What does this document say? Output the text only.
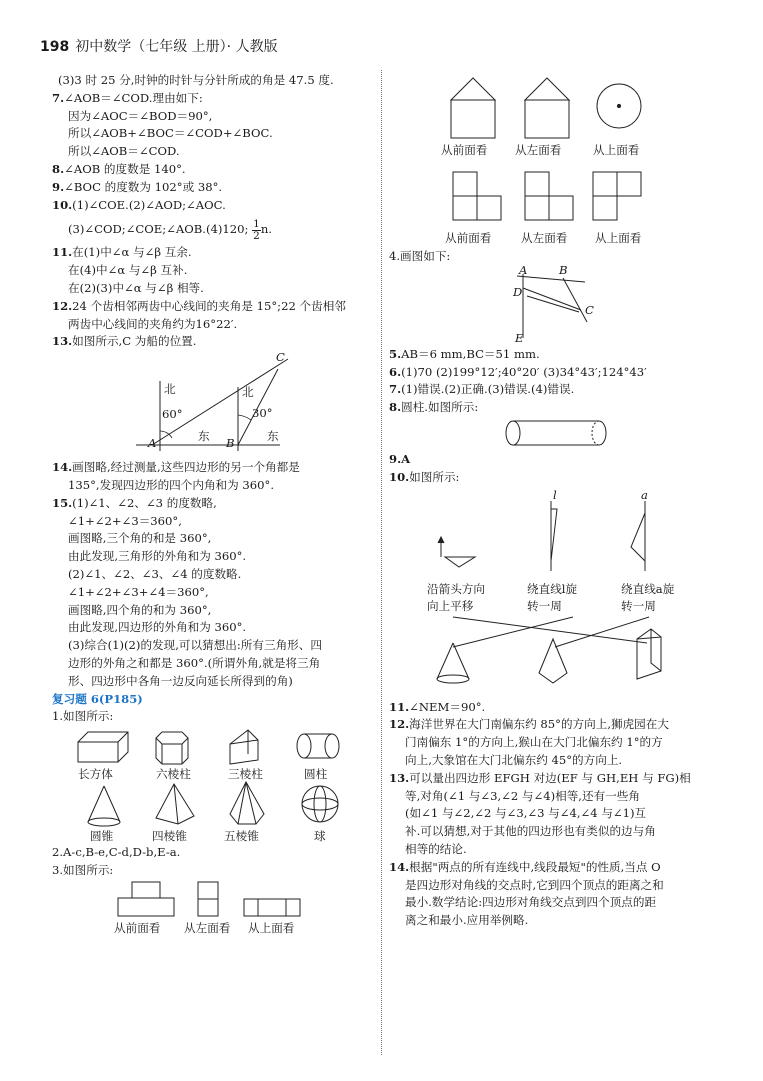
198 初中数学（七年级 上册）· 人教版
(3)3 时 25 分,时钟的时针与分针所成的角是 47.5 度.
7.∠AOB＝∠COD.理由如下:
因为∠AOC＝∠BOD＝90°,
所以∠AOB+∠BOC＝∠COD+∠BOC.
所以∠AOB＝∠COD.
8.∠AOB 的度数是 140°.
9.∠BOC 的度数为 102°或 38°.
10.(1)∠COE.(2)∠AOD;∠AOC.
(3)∠COD;∠COE;∠AOB.(4)120; $\frac{1}{2} n$.
11.在(1)中∠α 与∠β 互余.
在(4)中∠α 与∠β 互补.
在(2)(3)中∠α 与∠β 相等.
12.24 个齿相邻两齿中心线间的夹角是 15°;22 个齿相邻
两齿中心线间的夹角约为16°22′.
13.如图所示,C 为船的位置.
北	北
60°	30°
东	东
A	B
C
14.画图略,经过测量,这些四边形的另一个角都是
135°,发现四边形的四个内角和为 360°.
15.(1)∠1、∠2、∠3 的度数略,
∠1+∠2+∠3＝360°,
画图略,三个角的和是 360°,
由此发现,三角形的外角和为 360°.
(2)∠1、∠2、∠3、∠4 的度数略.
∠1+∠2+∠3+∠4＝360°,
画图略,四个角的和为 360°,
由此发现,四边形的外角和为 360°.
(3)综合(1)(2)的发现,可以猜想出:所有三角形、四
边形的外角之和都是 360°.(所谓外角,就是将三角
形、四边形中各角一边反向延长所得到的角)
复习题 6(P185)
1.如图所示:
长方体	六棱柱	三棱柱	圆柱
圆锥	四棱锥	五棱锥	球
2.A-c,B-e,C-d,D-b,E-a.
3.如图所示:
从前面看 从左面看 从上面看
从前面看 从左面看	从上面看
从前面看	从左面看 从上面看
4.画图如下:
A	B
C
D
E
5.AB＝6 mm,BC＝51 mm.
6.(1)70 (2)199°12′;40°20′ (3)34°43′;124°43′
7.(1)错误.(2)正确.(3)错误.(4)错误.
8.圆柱.如图所示:
9.A
10.如图所示:
l	a
沿箭头方向
向上平移
绕直线l旋
转一周
绕直线a旋
转一周
11.∠NEM＝90°.
12.海洋世界在大门南偏东约 85°的方向上,狮虎园在大
门南偏东 1°的方向上,猴山在大门北偏东约 1°的方
向上,大象馆在大门北偏东约 45°的方向上.
13.可以量出四边形 EFGH 对边(EF 与 GH,EH 与 FG)相
等,对角(∠1 与∠3,∠2 与∠4)相等,还有一些角
(如∠1 与∠2,∠2 与∠3,∠3 与∠4,∠4 与∠1)互
补.可以猜想,对于其他的四边形也有类似的边与角
相等的结论.
14.根据"两点的所有连线中,线段最短"的性质,当点 O
是四边形对角线的交点时,它到四个顶点的距离之和
最小.数学结论:四边形对角线交点到四个顶点的距
离之和最小.应用举例略.
